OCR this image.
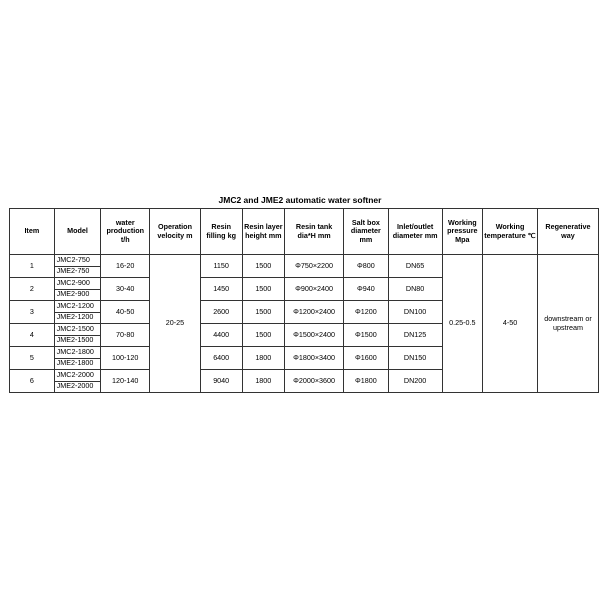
JMC2 and JME2 automatic water softner
Item	Model	water production t/h	Operation velocity m	Resin filling kg	Resin layer height mm	Resin tank dia*H mm	Salt box diameter mm	Inlet/outlet diameter mm	Working pressure Mpa	Working temperature ℃	Regenerative way
1	JMC2-750	16-20	20-25	1150	1500	Φ750×2200	Φ800	DN65	0.25-0.5	4-50	downstream or upstream
	JME2-750										
2	JMC2-900	30-40		1450	1500	Φ900×2400	Φ940	DN80			
	JME2-900										
3	JMC2-1200	40-50		2600	1500	Φ1200×2400	Φ1200	DN100			
	JME2-1200										
4	JMC2-1500	70-80		4400	1500	Φ1500×2400	Φ1500	DN125			
	JME2-1500										
5	JMC2-1800	100-120		6400	1800	Φ1800×3400	Φ1600	DN150			
	JME2-1800										
6	JMC2-2000	120-140		9040	1800	Φ2000×3600	Φ1800	DN200			
	JME2-2000										
